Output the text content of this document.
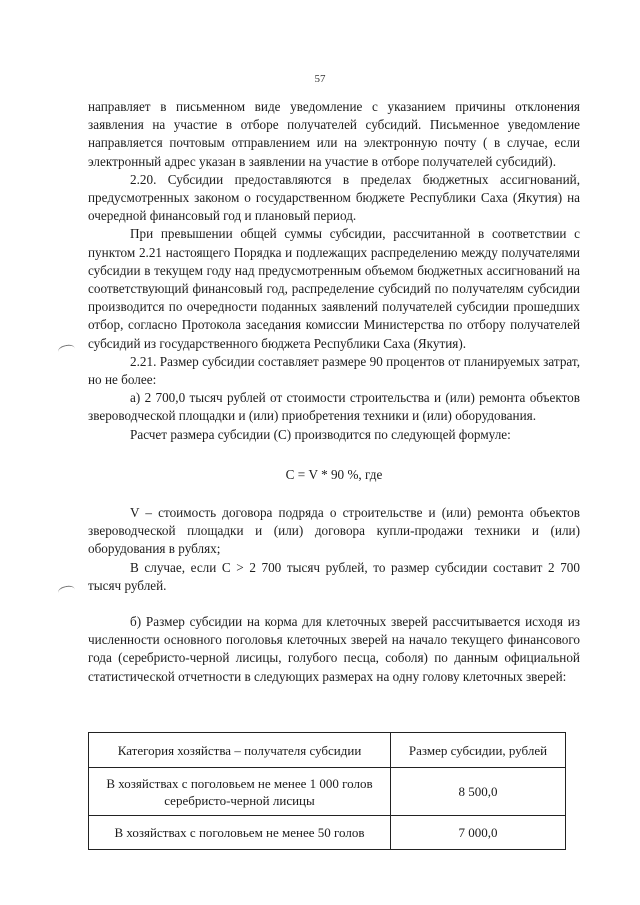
57

направляет в письменном виде уведомление с указанием причины отклонения заявления на участие в отборе получателей субсидий. Письменное уведомление направляется почтовым отправлением или на электронную почту ( в случае, если электронный адрес указан в заявлении на участие в отборе получателей субсидий).

2.20. Субсидии предоставляются в пределах бюджетных ассигнований, предусмотренных законом о государственном бюджете Республики Саха (Якутия) на очередной финансовый год и плановый период.

При превышении общей суммы субсидии, рассчитанной в соответствии с пунктом 2.21 настоящего Порядка и подлежащих распределению между получателями субсидии в текущем году над предусмотренным объемом бюджетных ассигнований на соответствующий финансовый год, распределение субсидий по получателям субсидии производится по очередности поданных заявлений получателей субсидии прошедших отбор, согласно Протокола заседания комиссии Министерства по отбору получателей субсидий из государственного бюджета Республики Саха (Якутия).

2.21. Размер субсидии составляет размере 90 процентов от планируемых затрат, но не более:

а) 2 700,0 тысяч рублей от стоимости строительства и (или) ремонта объектов звероводческой площадки и (или) приобретения техники и (или) оборудования.

Расчет размера субсидии (С) производится по следующей формуле:

С = V * 90 %, где

V – стоимость договора подряда о строительстве и (или) ремонта объектов звероводческой площадки и (или) договора купли-продажи техники и (или) оборудования в рублях;

В случае, если С > 2 700 тысяч рублей, то размер субсидии составит 2 700 тысяч рублей.

б) Размер субсидии на корма для клеточных зверей рассчитывается исходя из численности основного поголовья клеточных зверей на начало текущего финансового года (серебристо-черной лисицы, голубого песца, соболя) по данным официальной статистической отчетности в следующих размерах на одну голову клеточных зверей:

Категория хозяйства – получателя субсидии	Размер субсидии, рублей
В хозяйствах с поголовьем не менее 1 000 голов серебристо-черной лисицы	8 500,0
В хозяйствах с поголовьем не менее 50 голов	7 000,0
